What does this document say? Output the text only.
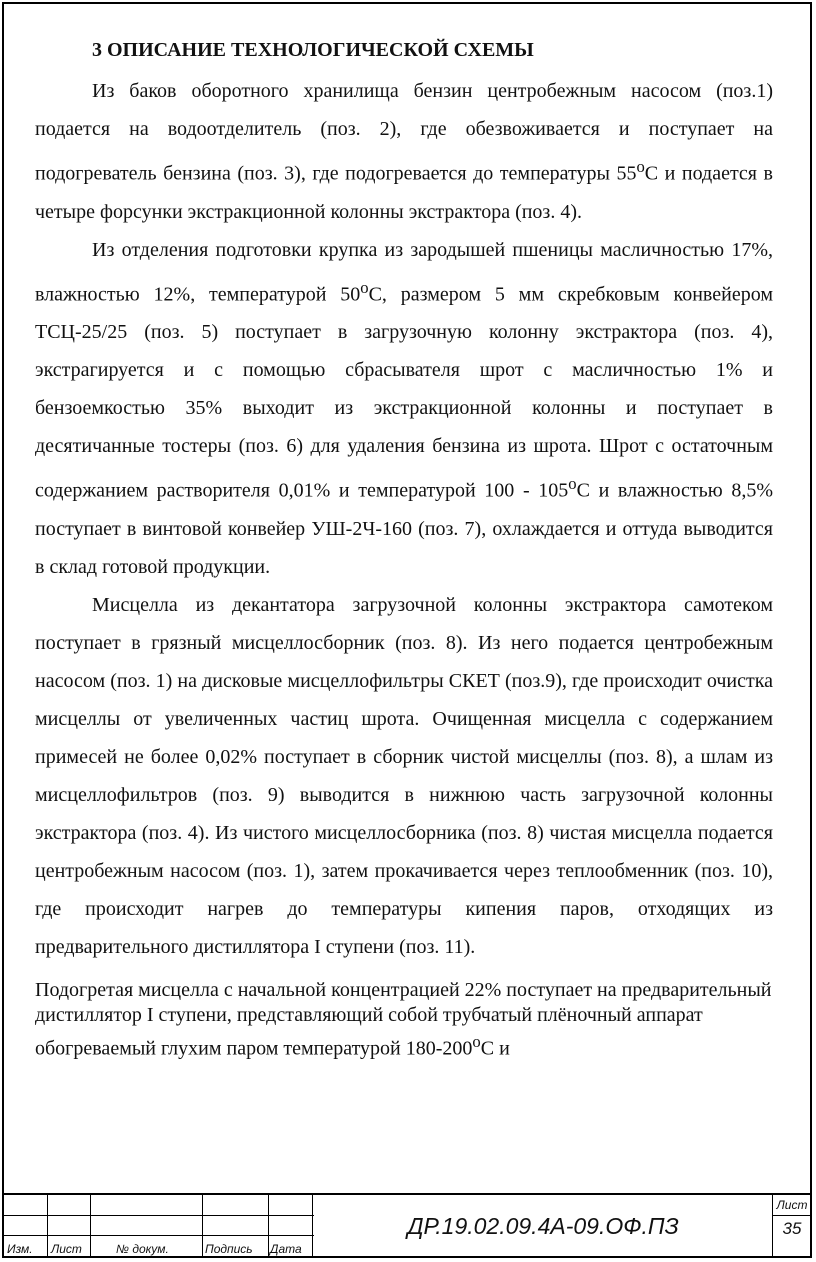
3 ОПИСАНИЕ ТЕХНОЛОГИЧЕСКОЙ СХЕМЫ

Из баков оборотного хранилища бензин центробежным насосом (поз.1) подается на водоотделитель (поз. 2), где обезвоживается и поступает на подогреватель бензина (поз. 3), где подогревается до температуры $55^оС$ и подается в четыре форсунки экстракционной колонны экстрактора (поз. 4).

Из отделения подготовки крупка из зародышей пшеницы масличностью 17%, влажностью 12%, температурой $50^оС$, размером 5 мм скребковым конвейером ТСЦ-25/25 (поз. 5) поступает в загрузочную колонну экстрактора (поз. 4), экстрагируется и с помощью сбрасывателя шрот с масличностью 1% и бензоемкостью 35% выходит из экстракционной колонны и поступает в десятичанные тостеры (поз. 6) для удаления бензина из шрота. Шрот с остаточным содержанием растворителя 0,01% и температурой $100 - 105^оС$ и влажностью 8,5% поступает в винтовой конвейер УШ-2Ч-160 (поз. 7), охлаждается и оттуда выводится в склад готовой продукции.

Мисцелла из декантатора загрузочной колонны экстрактора самотеком поступает в грязный мисцеллосборник (поз. 8). Из него подается центробежным насосом (поз. 1) на дисковые мисцеллофильтры СКЕТ (поз.9), где происходит очистка мисцеллы от увеличенных частиц шрота. Очищенная мисцелла с содержанием примесей не более 0,02% поступает в сборник чистой мисцеллы (поз. 8), а шлам из мисцеллофильтров (поз. 9) выводится в нижнюю часть загрузочной колонны экстрактора (поз. 4). Из чистого мисцеллосборника (поз. 8) чистая мисцелла подается центробежным насосом (поз. 1), затем прокачивается через теплообменник (поз. 10), где происходит нагрев до температуры кипения паров, отходящих из предварительного дистиллятора I ступени (поз. 11).

Подогретая мисцелла с начальной концентрацией 22% поступает на предварительный дистиллятор I ступени, представляющий собой трубчатый плёночный аппарат обогреваемый глухим паром температурой $180-200^оС$ и

Изм. Лист	№ докум.	Подпись Дата
ДР.19.02.09.4А-09.ОФ.ПЗ
Лист
35
